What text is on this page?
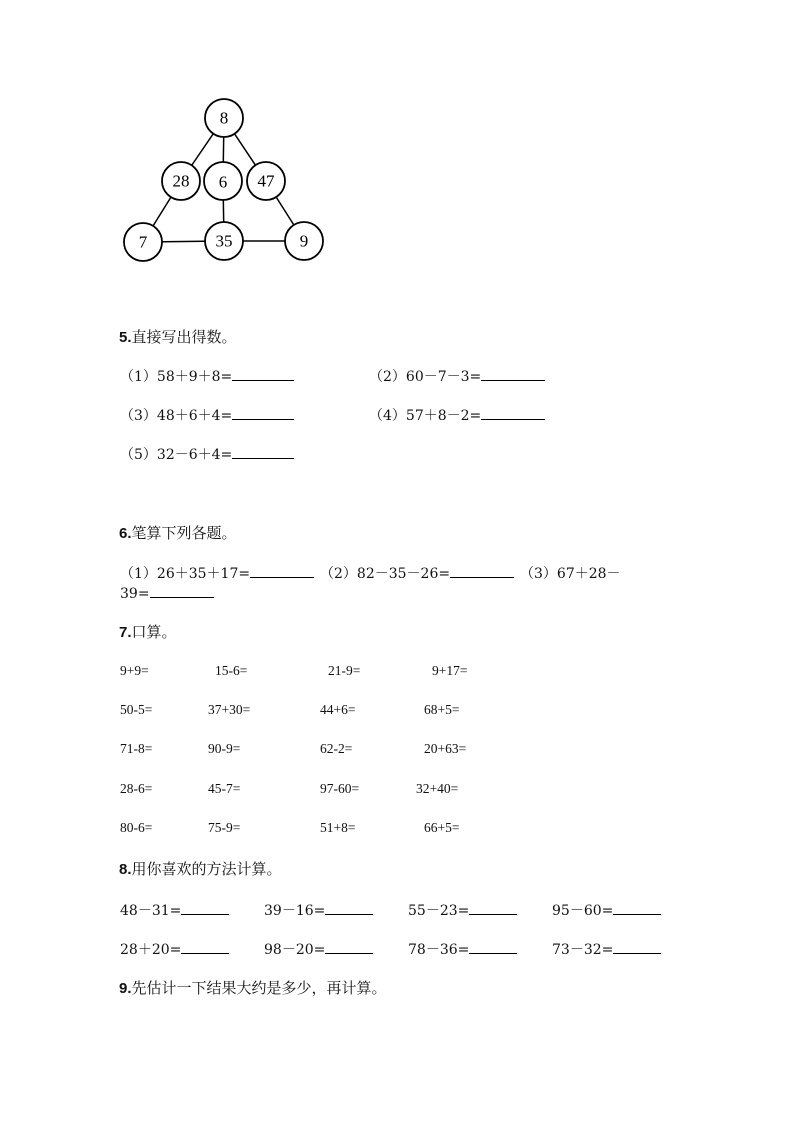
8
28 6 47
7	35	9
5.直接写出得数。
（1）58＋9＋8=	（2）60－7－3=
（3）48＋6＋4=	（4）57＋8－2=
（5）32－6＋4=
6.笔算下列各题。
（1）26＋35＋17=	（2）82－35－26=	（3）67＋28－
39=
7.口算。
9+9=	15-6=	21-9=	9+17=
50-5=	37+30=	44+6=	68+5=
71-8=	90-9=	62-2=	20+63=
28-6=	45-7=	97-60=	32+40=
80-6=	75-9=	51+8=	66+5=
8.用你喜欢的方法计算。
48－31=	39－16=	55－23=	95－60=
28＋20=	98－20=	78－36=	73－32=
9.先估计一下结果大约是多少，再计算。
